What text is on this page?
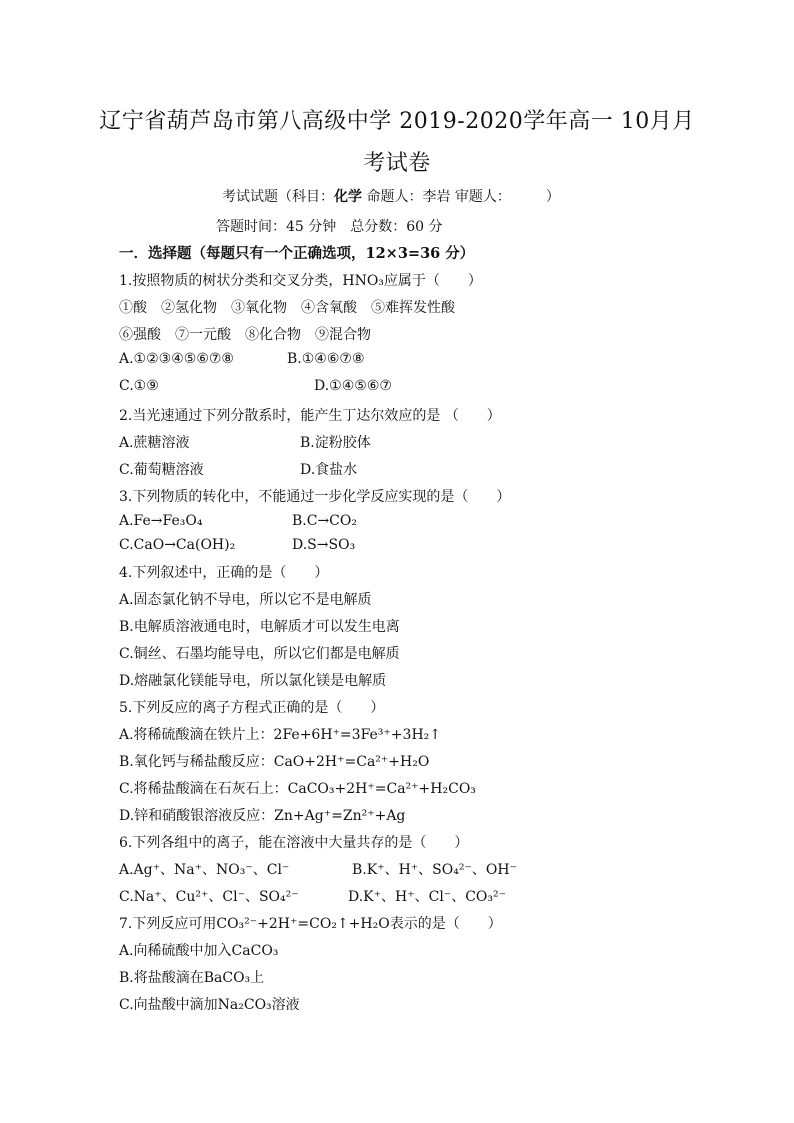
辽宁省葫芦岛市第八高级中学 2019-2020学年高一 10月月
考试卷
考试试题（科目：化学 命题人：李岩 审题人：　　　）
答题时间：45 分钟　总分数：60 分
一．选择题（每题只有一个正确选项，12×3=36 分）
1.按照物质的树状分类和交叉分类，HNO₃应属于（　　）
①酸　②氢化物　③氧化物　④含氧酸　⑤难挥发性酸
⑥强酸　⑦一元酸　⑧化合物　⑨混合物
A.①②③④⑤⑥⑦⑧	B.①④⑥⑦⑧
C.①⑨	D.①④⑤⑥⑦
2.当光速通过下列分散系时，能产生丁达尔效应的是 （　　）
A.蔗糖溶液	B.淀粉胶体
C.葡萄糖溶液	D.食盐水
3.下列物质的转化中，不能通过一步化学反应实现的是（　　）
A.Fe→Fe₃O₄	B.C→CO₂
C.CaO→Ca(OH)₂	D.S→SO₃
4.下列叙述中，正确的是（　　）
A.固态氯化钠不导电，所以它不是电解质
B.电解质溶液通电时，电解质才可以发生电离
C.铜丝、石墨均能导电，所以它们都是电解质
D.熔融氯化镁能导电，所以氯化镁是电解质
5.下列反应的离子方程式正确的是（　　）
A.将稀硫酸滴在铁片上：2Fe+6H⁺=3Fe³⁺+3H₂↑
B.氧化钙与稀盐酸反应：CaO+2H⁺=Ca²⁺+H₂O
C.将稀盐酸滴在石灰石上：CaCO₃+2H⁺=Ca²⁺+H₂CO₃
D.锌和硝酸银溶液反应：Zn+Ag⁺=Zn²⁺+Ag
6.下列各组中的离子，能在溶液中大量共存的是（　　）
A.Ag⁺、Na⁺、NO₃⁻、Cl⁻	B.K⁺、H⁺、SO₄²⁻、OH⁻
C.Na⁺、Cu²⁺、Cl⁻、SO₄²⁻	D.K⁺、H⁺、Cl⁻、CO₃²⁻
7.下列反应可用CO₃²⁻+2H⁺=CO₂↑+H₂O表示的是（　　）
A.向稀硫酸中加入CaCO₃
B.将盐酸滴在BaCO₃上
C.向盐酸中滴加Na₂CO₃溶液
